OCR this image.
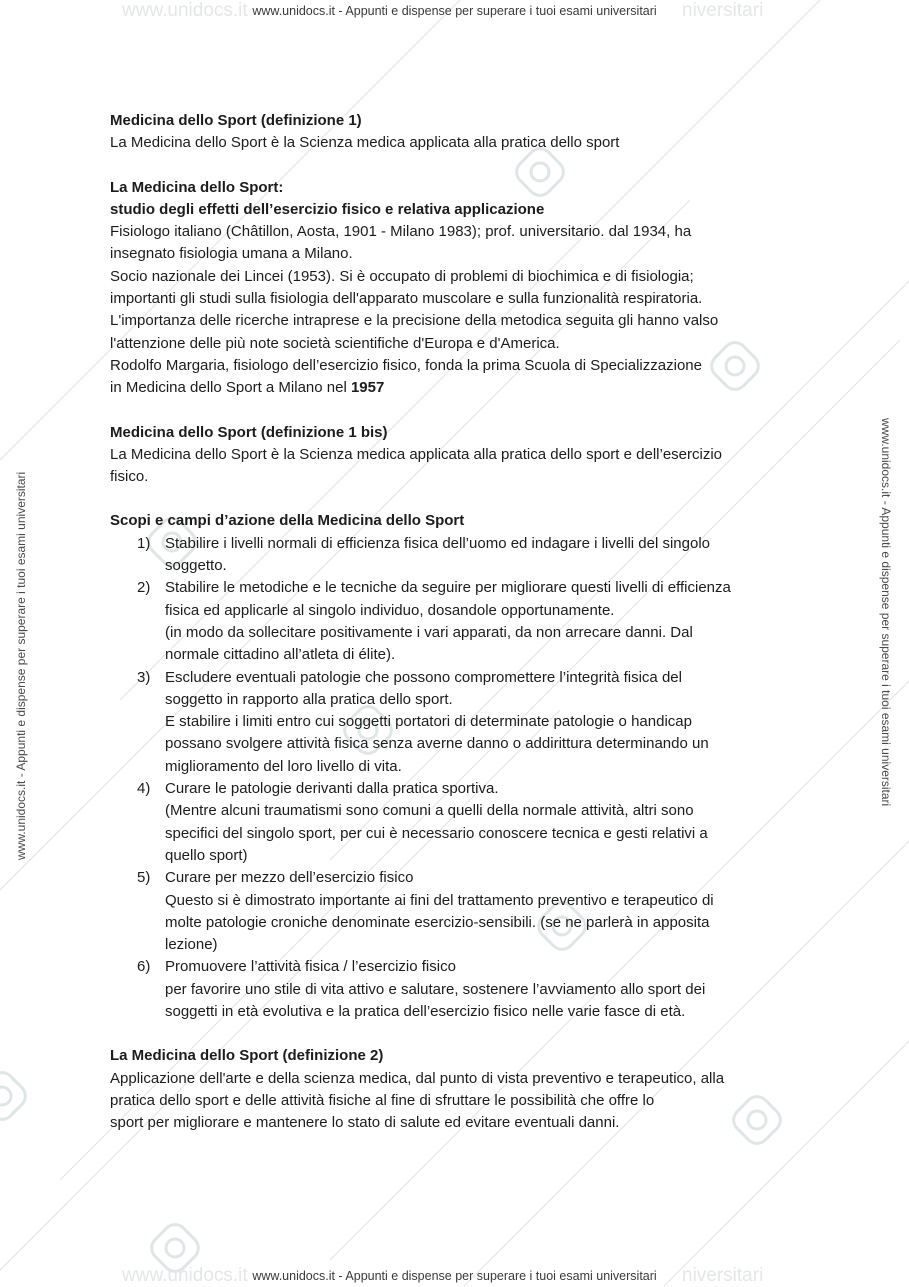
www.unidocs.it	niversitari
www.unidocs.it	niversitari
www.unidocs.it - Appunti e dispense per superare i tuoi esami universitari
www.unidocs.it - Appunti e dispense per superare i tuoi esami universitari
www.unidocs.it - Appunti e dispense per superare i tuoi esami universitari	www.unidocs.it - Appunti e dispense per superare i tuoi esami universitari

Medicina dello Sport (definizione 1)

La Medicina dello Sport è la Scienza medica applicata alla pratica dello sport

La Medicina dello Sport:

studio degli effetti dell’esercizio fisico e relativa applicazione

Fisiologo italiano (Châtillon, Aosta, 1901 - Milano 1983); prof. universitario. dal 1934, ha

insegnato fisiologia umana a Milano.

Socio nazionale dei Lincei (1953). Si è occupato di problemi di biochimica e di fisiologia;

importanti gli studi sulla fisiologia dell'apparato muscolare e sulla funzionalità respiratoria.

L'importanza delle ricerche intraprese e la precisione della metodica seguita gli hanno valso

l'attenzione delle più note società scientifiche d'Europa e d'America.

Rodolfo Margaria, fisiologo dell’esercizio fisico, fonda la prima Scuola di Specializzazione

in Medicina dello Sport a Milano nel 1957

Medicina dello Sport (definizione 1 bis)

La Medicina dello Sport è la Scienza medica applicata alla pratica dello sport e dell’esercizio

fisico.

Scopi e campi d’azione della Medicina dello Sport

1) Stabilire i livelli normali di efficienza fisica dell’uomo ed indagare i livelli del singolo

soggetto.

2) Stabilire le metodiche e le tecniche da seguire per migliorare questi livelli di efficienza

fisica ed applicarle al singolo individuo, dosandole opportunamente.

(in modo da sollecitare positivamente i vari apparati, da non arrecare danni. Dal

normale cittadino all’atleta di élite).

3) Escludere eventuali patologie che possono compromettere l’integrità fisica del

soggetto in rapporto alla pratica dello sport.

E stabilire i limiti entro cui soggetti portatori di determinate patologie o handicap

possano svolgere attività fisica senza averne danno o addirittura determinando un

miglioramento del loro livello di vita.

4) Curare le patologie derivanti dalla pratica sportiva.

(Mentre alcuni traumatismi sono comuni a quelli della normale attività, altri sono

specifici del singolo sport, per cui è necessario conoscere tecnica e gesti relativi a

quello sport)

5) Curare per mezzo dell’esercizio fisico

Questo si è dimostrato importante ai fini del trattamento preventivo e terapeutico di

molte patologie croniche denominate esercizio-sensibili. (se ne parlerà in apposita

lezione)

6) Promuovere l’attività fisica / l’esercizio fisico

per favorire uno stile di vita attivo e salutare, sostenere l’avviamento allo sport dei

soggetti in età evolutiva e la pratica dell’esercizio fisico nelle varie fasce di età.

La Medicina dello Sport (definizione 2)

Applicazione dell'arte e della scienza medica, dal punto di vista preventivo e terapeutico, alla

pratica dello sport e delle attività fisiche al fine di sfruttare le possibilità che offre lo

sport per migliorare e mantenere lo stato di salute ed evitare eventuali danni.
